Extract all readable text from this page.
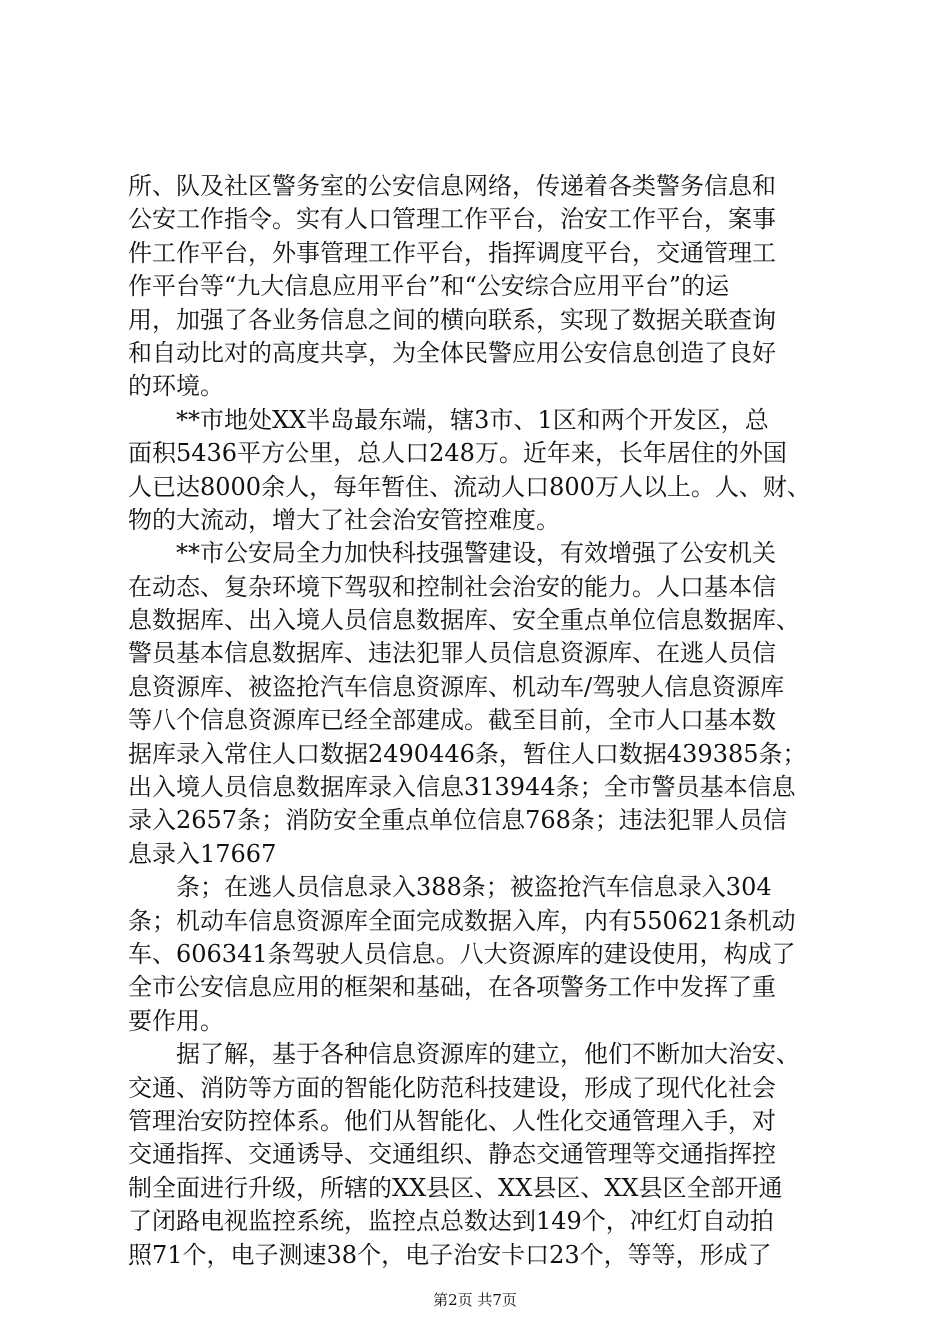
所、队及社区警务室的公安信息网络，传递着各类警务信息和
公安工作指令。实有人口管理工作平台，治安工作平台，案事
件工作平台，外事管理工作平台，指挥调度平台，交通管理工
作平台等“九大信息应用平台”和“公安综合应用平台”的运
用，加强了各业务信息之间的横向联系，实现了数据关联查询
和自动比对的高度共享，为全体民警应用公安信息创造了良好
的环境。
**市地处XX半岛最东端，辖3市、1区和两个开发区，总
面积5436平方公里，总人口248万。近年来，长年居住的外国
人已达8000余人，每年暂住、流动人口800万人以上。人、财、
物的大流动，增大了社会治安管控难度。
**市公安局全力加快科技强警建设，有效增强了公安机关
在动态、复杂环境下驾驭和控制社会治安的能力。人口基本信
息数据库、出入境人员信息数据库、安全重点单位信息数据库、
警员基本信息数据库、违法犯罪人员信息资源库、在逃人员信
息资源库、被盗抢汽车信息资源库、机动车/驾驶人信息资源库
等八个信息资源库已经全部建成。截至目前，全市人口基本数
据库录入常住人口数据2490446条，暂住人口数据439385条；
出入境人员信息数据库录入信息313944条；全市警员基本信息
录入2657条；消防安全重点单位信息768条；违法犯罪人员信
息录入17667
条；在逃人员信息录入388条；被盗抢汽车信息录入304
条；机动车信息资源库全面完成数据入库，内有550621条机动
车、606341条驾驶人员信息。八大资源库的建设使用，构成了
全市公安信息应用的框架和基础，在各项警务工作中发挥了重
要作用。
据了解，基于各种信息资源库的建立，他们不断加大治安、
交通、消防等方面的智能化防范科技建设，形成了现代化社会
管理治安防控体系。他们从智能化、人性化交通管理入手，对
交通指挥、交通诱导、交通组织、静态交通管理等交通指挥控
制全面进行升级，所辖的XX县区、XX县区、XX县区全部开通
了闭路电视监控系统，监控点总数达到149个，冲红灯自动拍
照71个，电子测速38个，电子治安卡口23个，等等，形成了
第2页 共7页
